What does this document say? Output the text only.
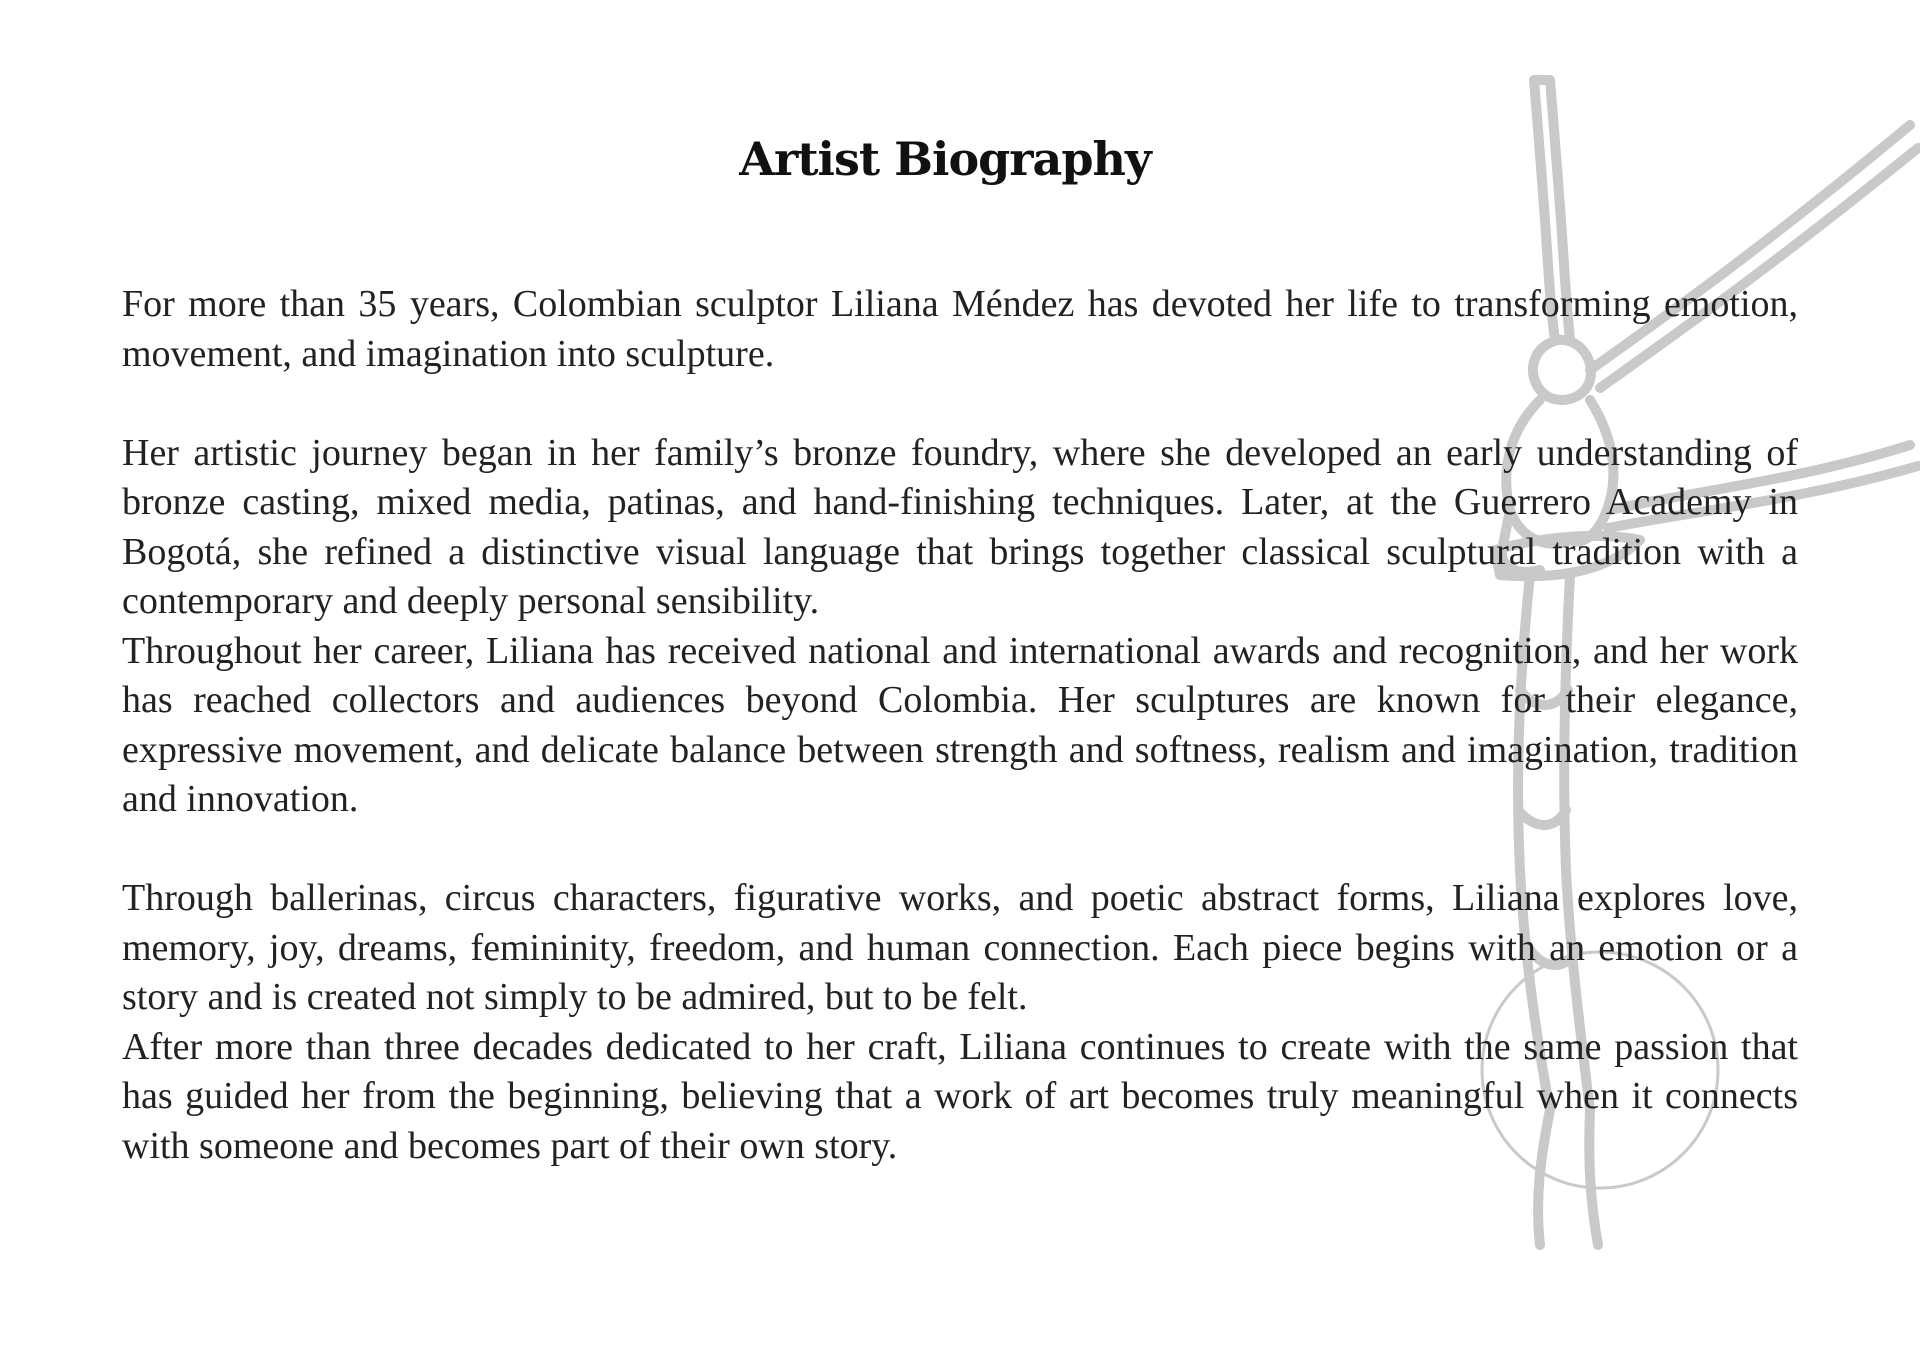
Artist Biography

For more than 35 years, Colombian sculptor Liliana Méndez has devoted her life to transforming emotion, movement, and imagination into sculpture.

Her artistic journey began in her family’s bronze foundry, where she developed an early understanding of bronze casting, mixed media, patinas, and hand-finishing techniques. Later, at the Guerrero Academy in Bogotá, she refined a distinctive visual language that brings together classical sculptural tradition with a contemporary and deeply personal sensibility.

Throughout her career, Liliana has received national and international awards and recognition, and her work has reached collectors and audiences beyond Colombia. Her sculptures are known for their elegance, expressive movement, and delicate balance between strength and softness, realism and imagination, tradition and innovation.

Through ballerinas, circus characters, figurative works, and poetic abstract forms, Liliana explores love, memory, joy, dreams, femininity, freedom, and human connection. Each piece begins with an emotion or a story and is created not simply to be admired, but to be felt.

After more than three decades dedicated to her craft, Liliana continues to create with the same passion that has guided her from the beginning, believing that a work of art becomes truly meaningful when it connects with someone and becomes part of their own story.
